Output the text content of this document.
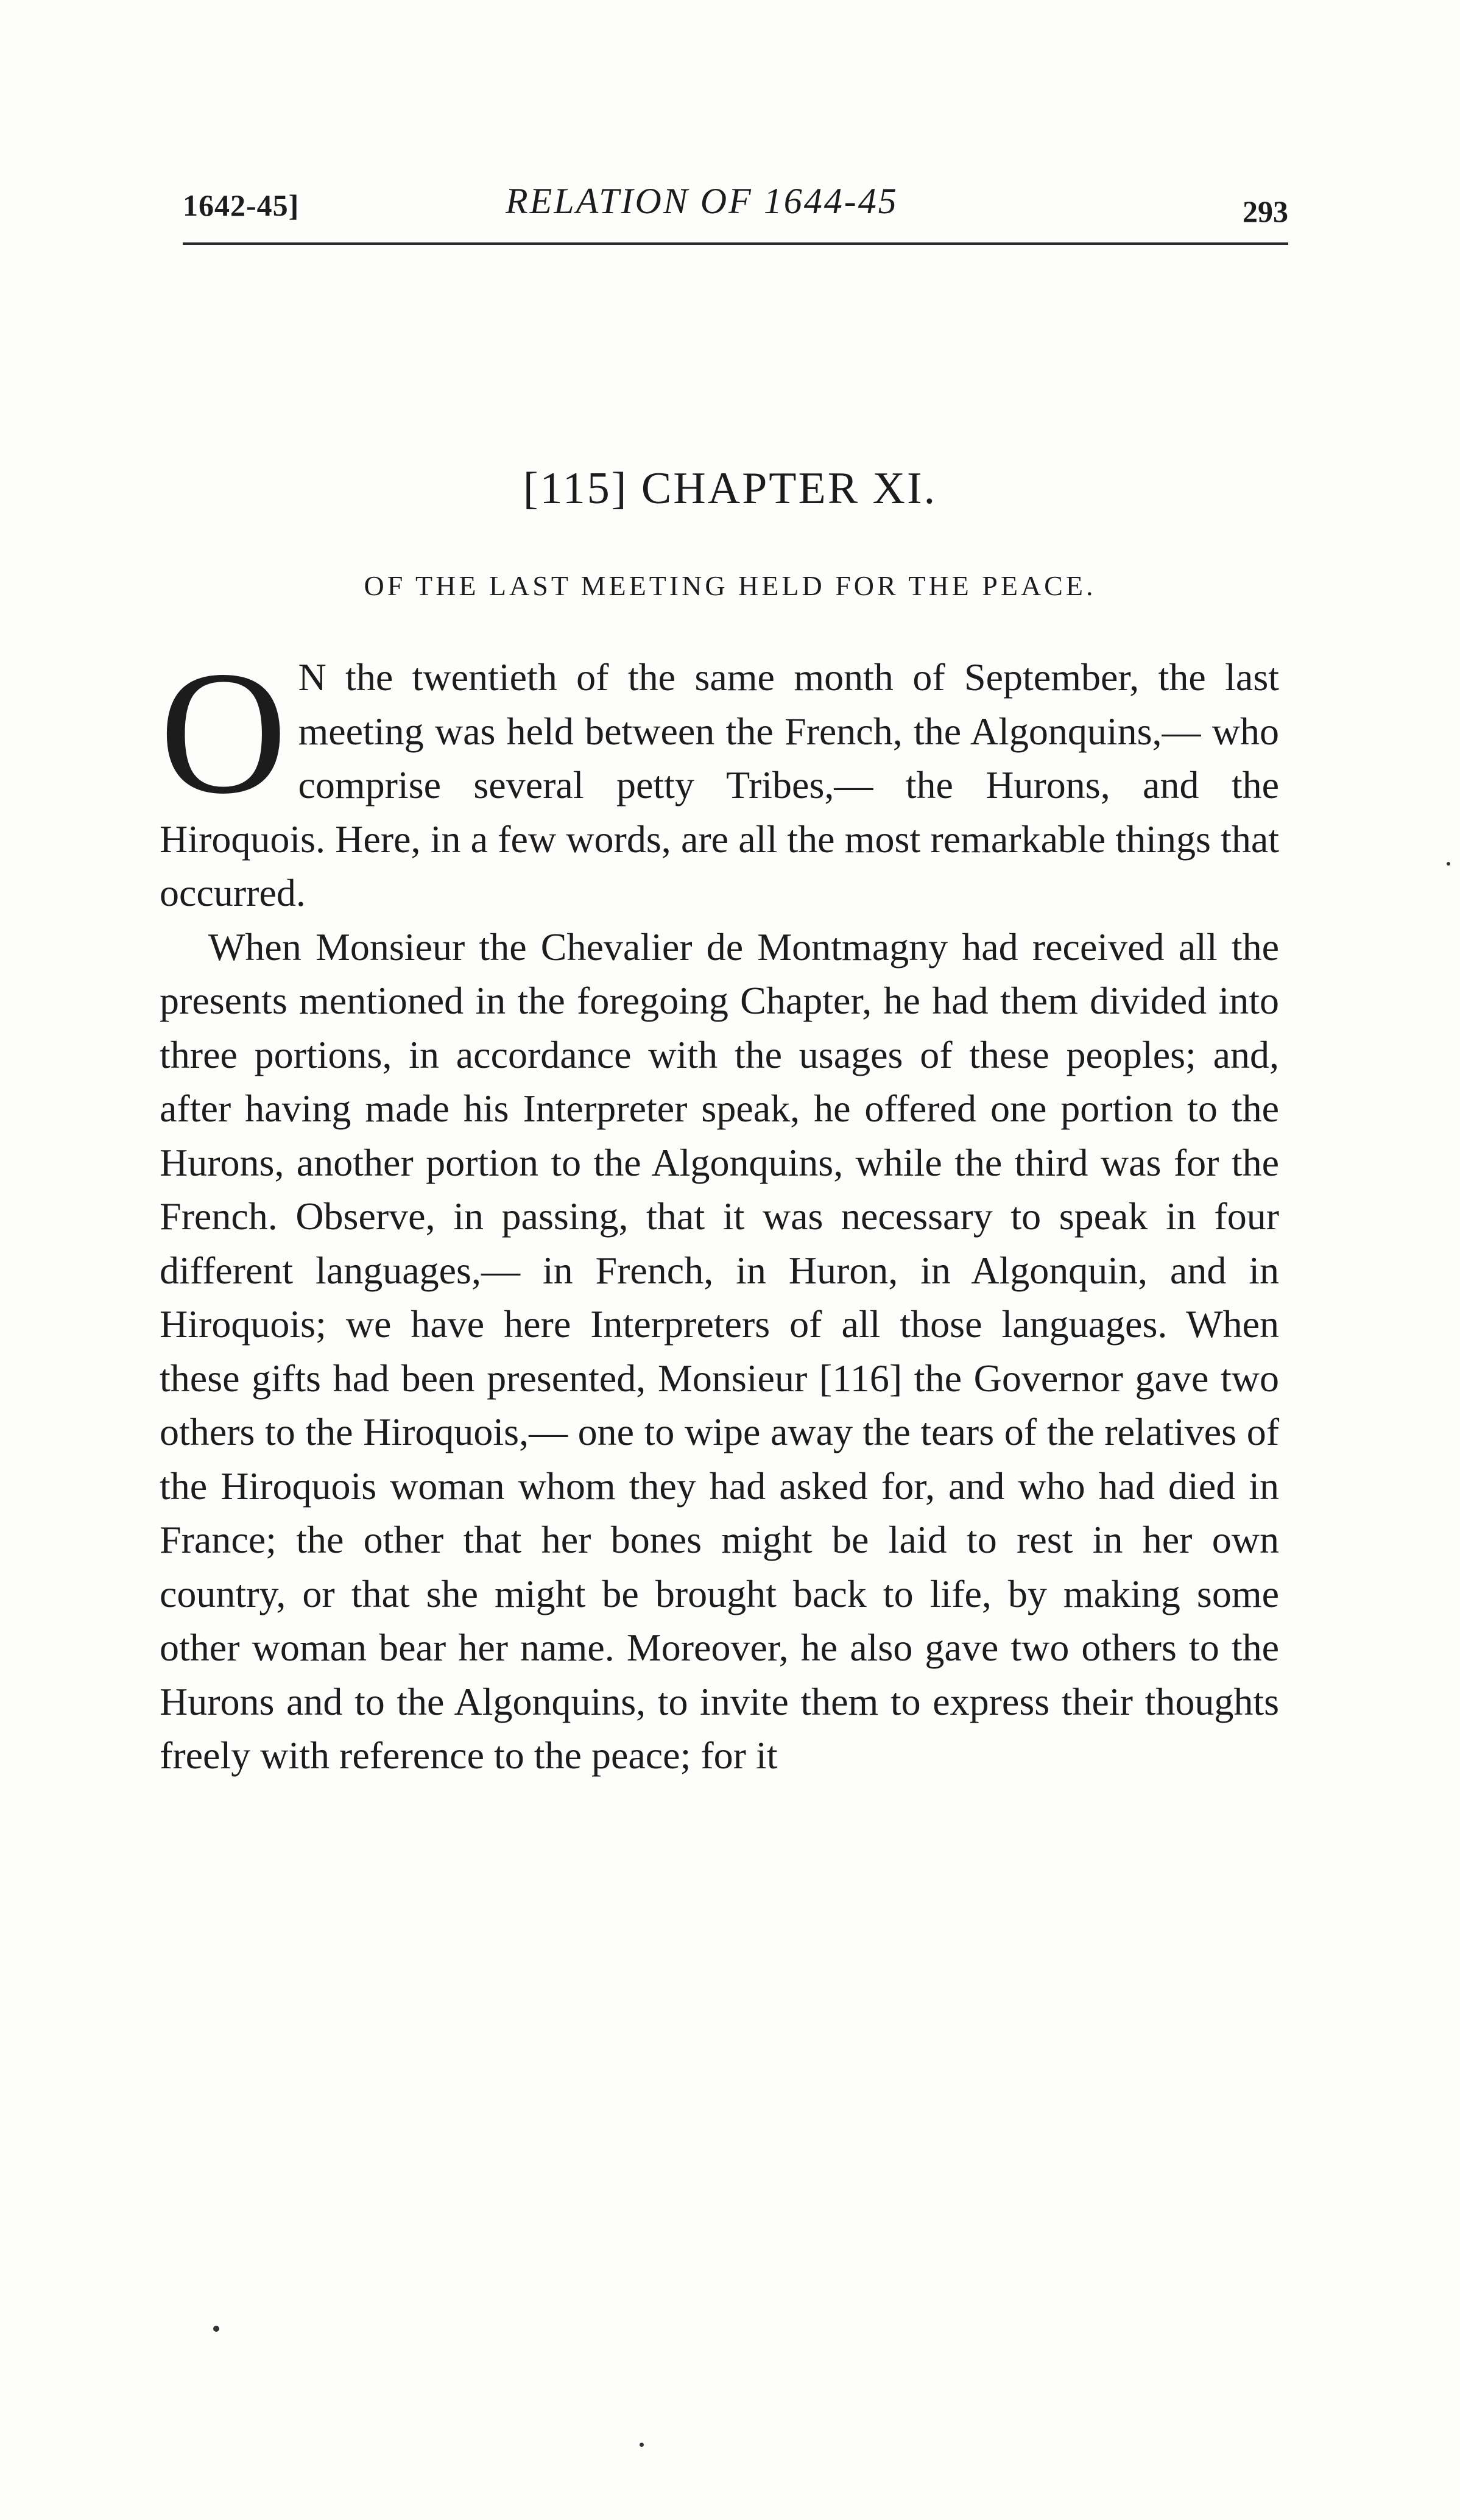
1642-45]	RELATION OF 1644-45	293
[115] CHAPTER XI.
OF THE LAST MEETING HELD FOR THE PEACE.

O N the twentieth of the same month of September, the last meeting was held between the French, the Algonquins,— who comprise several petty Tribes,— the Hurons, and the Hiroquois. Here, in a few words, are all the most remarkable things that occurred.

When Monsieur the Chevalier de Montmagny had received all the presents mentioned in the foregoing Chapter, he had them divided into three portions, in accordance with the usages of these peoples; and, after having made his Interpreter speak, he offered one portion to the Hurons, another portion to the Algonquins, while the third was for the French. Observe, in passing, that it was necessary to speak in four different languages,— in French, in Huron, in Algonquin, and in Hiroquois; we have here Interpreters of all those languages. When these gifts had been presented, Monsieur [116] the Governor gave two others to the Hiroquois,— one to wipe away the tears of the relatives of the Hiroquois woman whom they had asked for, and who had died in France; the other that her bones might be laid to rest in her own country, or that she might be brought back to life, by making some other woman bear her name. Moreover, he also gave two others to the Hurons and to the Algonquins, to invite them to express their thoughts freely with reference to the peace; for it
